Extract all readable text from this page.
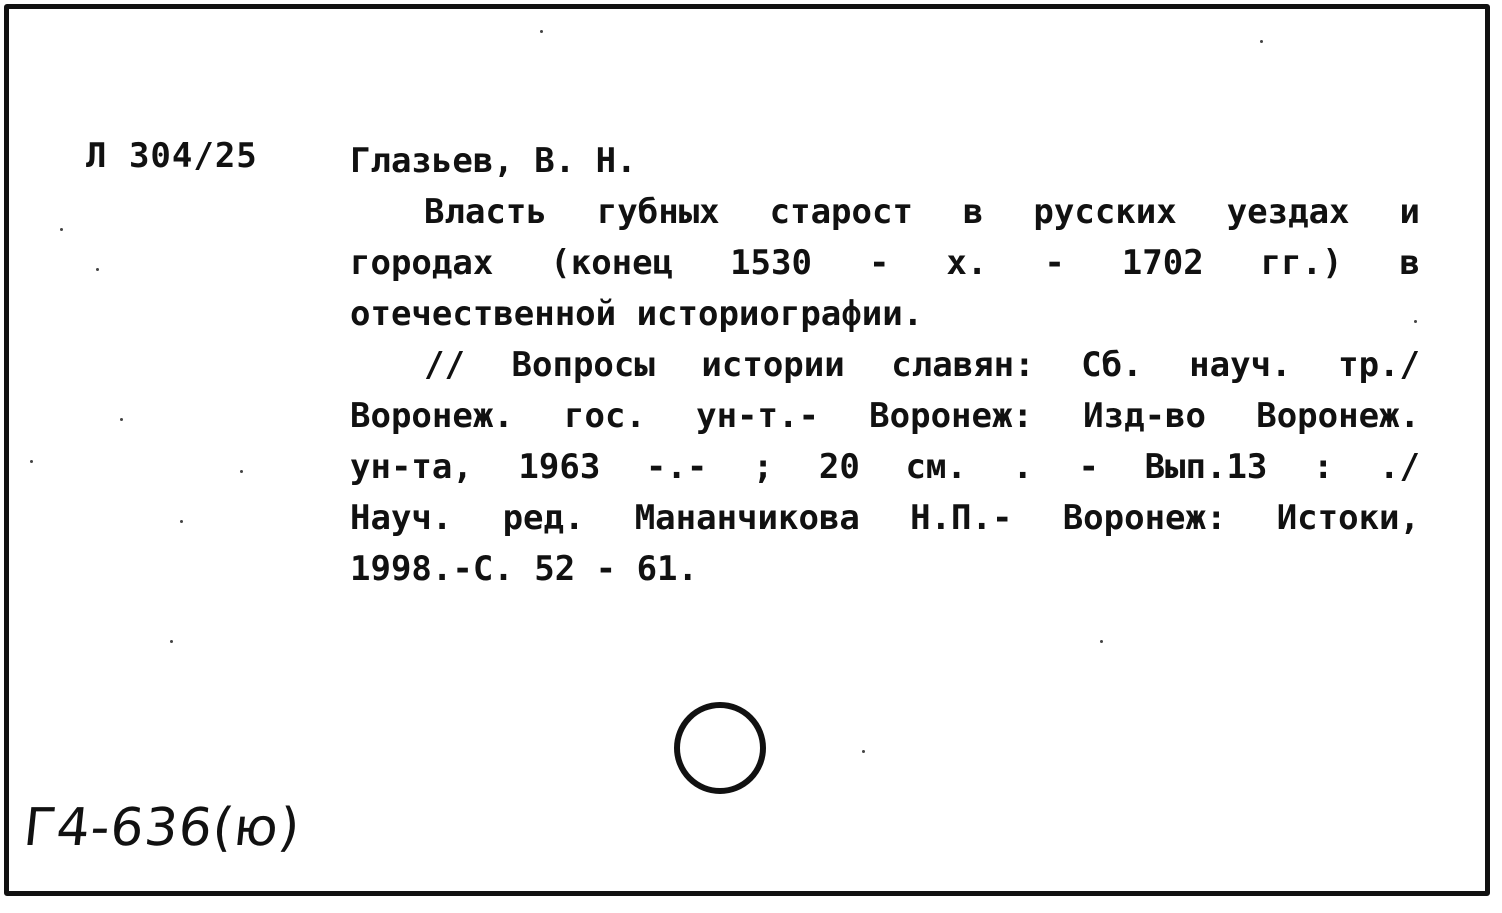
Л 304/25	Глазьев, В. Н.
Власть губных старост в русских уездах и
городах (конец 1530 - х. - 1702 гг.) в
отечественной историографии.
// Вопросы истории славян: Сб. науч. тр./
Воронеж. гос. ун-т.- Воронеж: Изд-во Воронеж.
ун-та, 1963 -.- ; 20 см. . - Вып.13 : ./
Науч. ред. Мананчикова Н.П.- Воронеж: Истоки,
1998.-С. 52 - 61.
Г4-636(ю)
